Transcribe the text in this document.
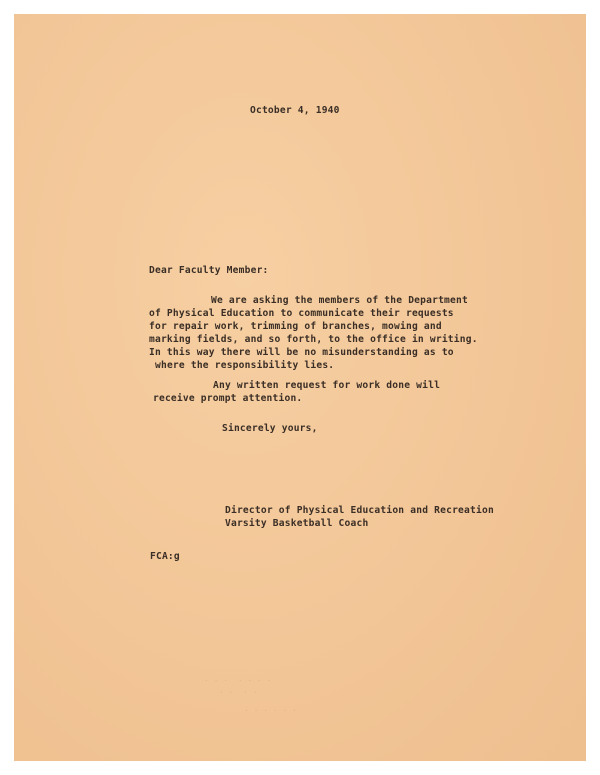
October 4, 1940
Dear Faculty Member:
We are asking the members of the Department
of Physical Education to communicate their requests
for repair work, trimming of branches, mowing and
marking fields, and so forth, to the office in writing.
In this way there will be no misunderstanding as to
where the responsibility lies.
Any written request for work done will
receive prompt attention.
Sincerely yours,
Director of Physical Education and Recreation
Varsity Basketball Coach
FCA:g
. . .  . . . .
. .  . .
. . . . . .
